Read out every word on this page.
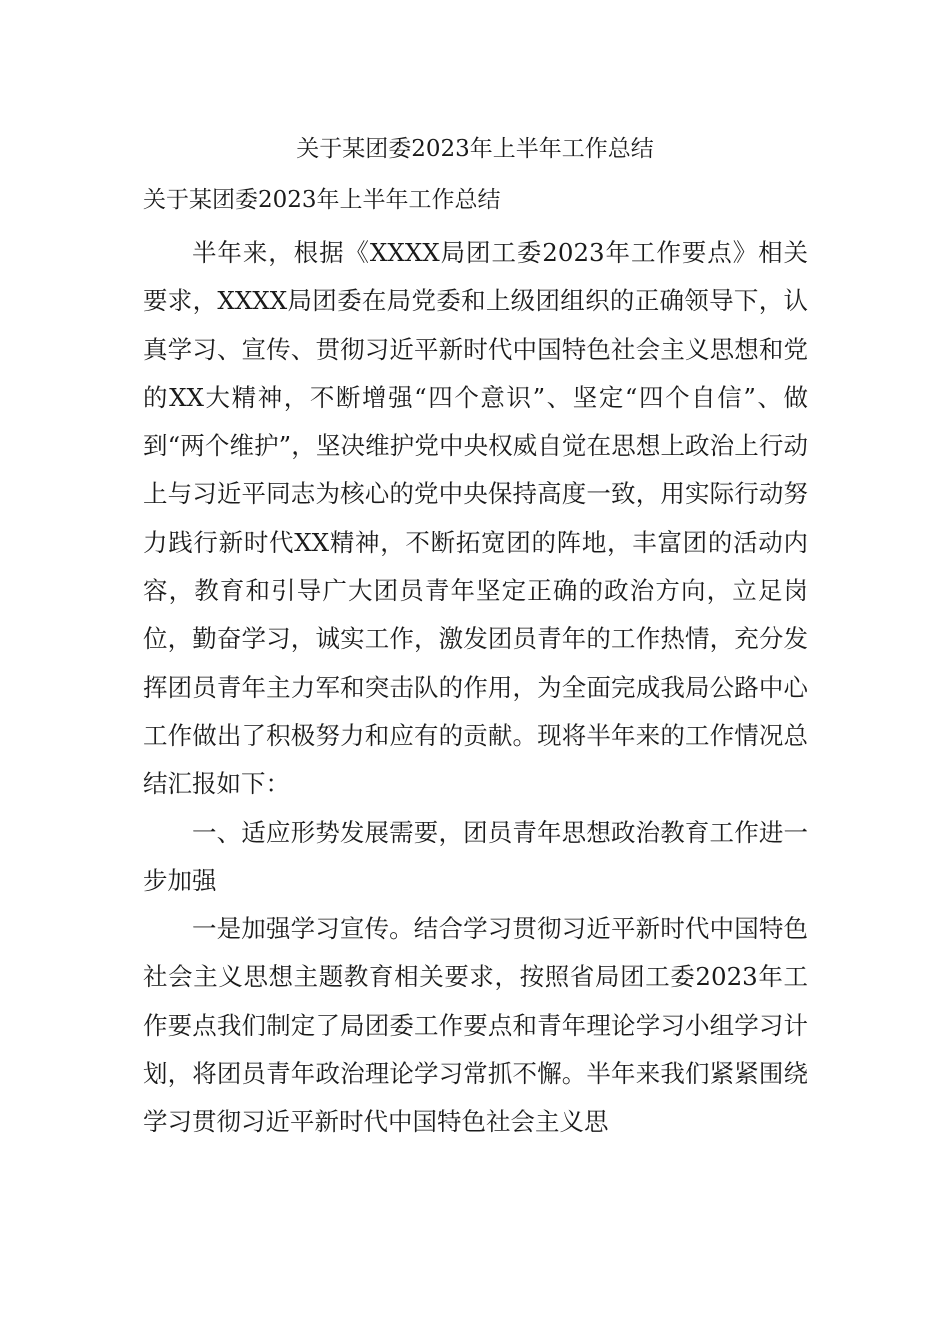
关于某团委2023年上半年工作总结
关于某团委2023年上半年工作总结

半年来，根据《XXXX局团工委2023年工作要点》相关要求，XXXX局团委在局党委和上级团组织的正确领导下，认真学习、宣传、贯彻习近平新时代中国特色社会主义思想和党的XX大精神，不断增强“四个意识”、坚定“四个自信”、做到“两个维护”，坚决维护党中央权威自觉在思想上政治上行动上与习近平同志为核心的党中央保持高度一致，用实际行动努力践行新时代XX精神，不断拓宽团的阵地，丰富团的活动内容，教育和引导广大团员青年坚定正确的政治方向，立足岗位，勤奋学习，诚实工作，激发团员青年的工作热情，充分发挥团员青年主力军和突击队的作用，为全面完成我局公路中心工作做出了积极努力和应有的贡献。现将半年来的工作情况总结汇报如下：

一、适应形势发展需要，团员青年思想政治教育工作进一步加强

一是加强学习宣传。结合学习贯彻习近平新时代中国特色社会主义思想主题教育相关要求，按照省局团工委2023年工作要点我们制定了局团委工作要点和青年理论学习小组学习计划，将团员青年政治理论学习常抓不懈。半年来我们紧紧围绕学习贯彻习近平新时代中国特色社会主义思
